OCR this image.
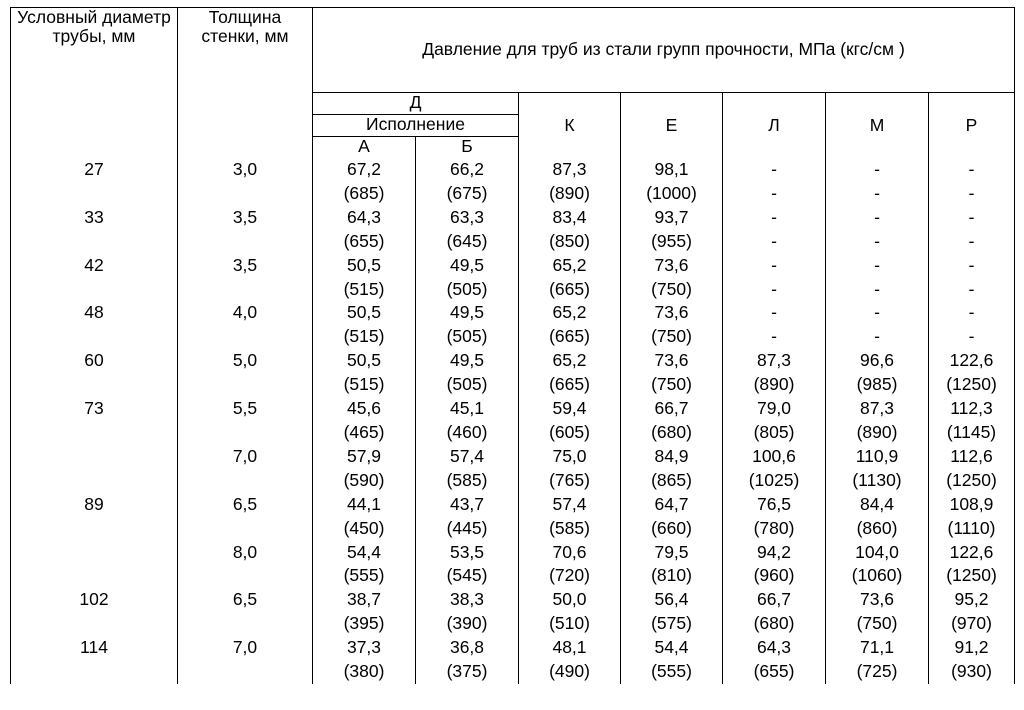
Условный диаметр трубы, мм	Толщина стенки, мм	Давление для труб из стали групп прочности, МПа (кгс/см )						
		Д		К	Е	Л	М	Р
		Исполнение						
		А	Б					
27	3,0	67,2	66,2	87,3	98,1	-	-	-
		(685)	(675)	(890)	(1000)	-	-	-
33	3,5	64,3	63,3	83,4	93,7	-	-	-
		(655)	(645)	(850)	(955)	-	-	-
42	3,5	50,5	49,5	65,2	73,6	-	-	-
		(515)	(505)	(665)	(750)	-	-	-
48	4,0	50,5	49,5	65,2	73,6	-	-	-
		(515)	(505)	(665)	(750)	-	-	-
60	5,0	50,5	49,5	65,2	73,6	87,3	96,6	122,6
		(515)	(505)	(665)	(750)	(890)	(985)	(1250)
73	5,5	45,6	45,1	59,4	66,7	79,0	87,3	112,3
		(465)	(460)	(605)	(680)	(805)	(890)	(1145)
	7,0	57,9	57,4	75,0	84,9	100,6	110,9	112,6
		(590)	(585)	(765)	(865)	(1025)	(1130)	(1250)
89	6,5	44,1	43,7	57,4	64,7	76,5	84,4	108,9
		(450)	(445)	(585)	(660)	(780)	(860)	(1110)
	8,0	54,4	53,5	70,6	79,5	94,2	104,0	122,6
		(555)	(545)	(720)	(810)	(960)	(1060)	(1250)
102	6,5	38,7	38,3	50,0	56,4	66,7	73,6	95,2
		(395)	(390)	(510)	(575)	(680)	(750)	(970)
114	7,0	37,3	36,8	48,1	54,4	64,3	71,1	91,2
		(380)	(375)	(490)	(555)	(655)	(725)	(930)
